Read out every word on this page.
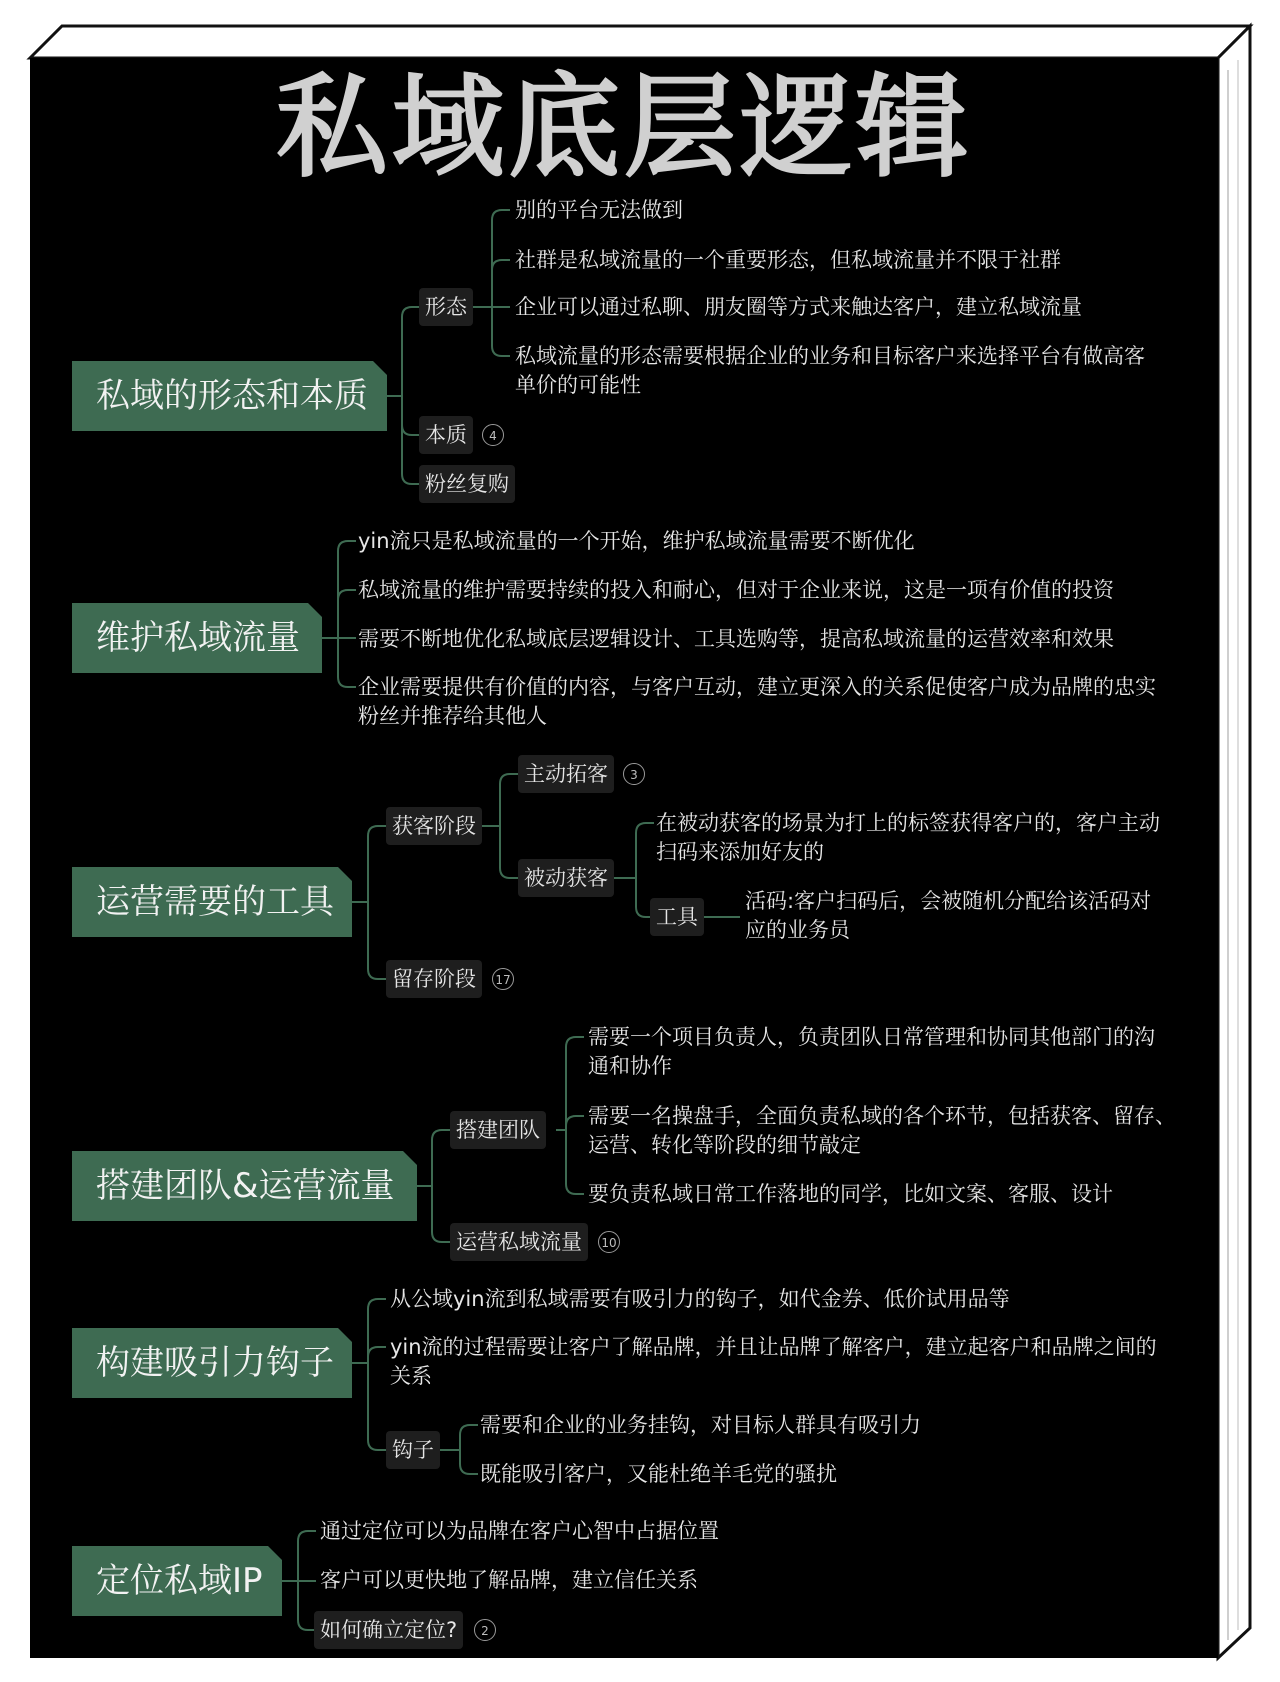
私域底层逻辑
私域的形态和本质
形态
别的平台无法做到
社群是私域流量的一个重要形态，但私域流量并不限于社群
企业可以通过私聊、朋友圈等方式来触达客户，建立私域流量
私域流量的形态需要根据企业的业务和目标客户来选择平台有做高客
单价的可能性
本质	4
粉丝复购
维护私域流量
yin流只是私域流量的一个开始，维护私域流量需要不断优化
私域流量的维护需要持续的投入和耐心，但对于企业来说，这是一项有价值的投资
需要不断地优化私域底层逻辑设计、工具选购等，提高私域流量的运营效率和效果
企业需要提供有价值的内容，与客户互动，建立更深入的关系促使客户成为品牌的忠实
粉丝并推荐给其他人
运营需要的工具
获客阶段
主动拓客	3
被动获客
在被动获客的场景为打上的标签获得客户的，客户主动
扫码来添加好友的
工具
活码:客户扫码后，会被随机分配给该活码对
应的业务员
留存阶段	17
搭建团队&运营流量
搭建团队
需要一个项目负责人，负责团队日常管理和协同其他部门的沟
通和协作
需要一名操盘手，全面负责私域的各个环节，包括获客、留存、
运营、转化等阶段的细节敲定
要负责私域日常工作落地的同学，比如文案、客服、设计
运营私域流量	10
构建吸引力钩子
从公域yin流到私域需要有吸引力的钩子，如代金券、低价试用品等
yin流的过程需要让客户了解品牌，并且让品牌了解客户，建立起客户和品牌之间的
关系
钩子
需要和企业的业务挂钩，对目标人群具有吸引力
既能吸引客户，又能杜绝羊毛党的骚扰
定位私域IP
通过定位可以为品牌在客户心智中占据位置
客户可以更快地了解品牌，建立信任关系
如何确立定位?	2
